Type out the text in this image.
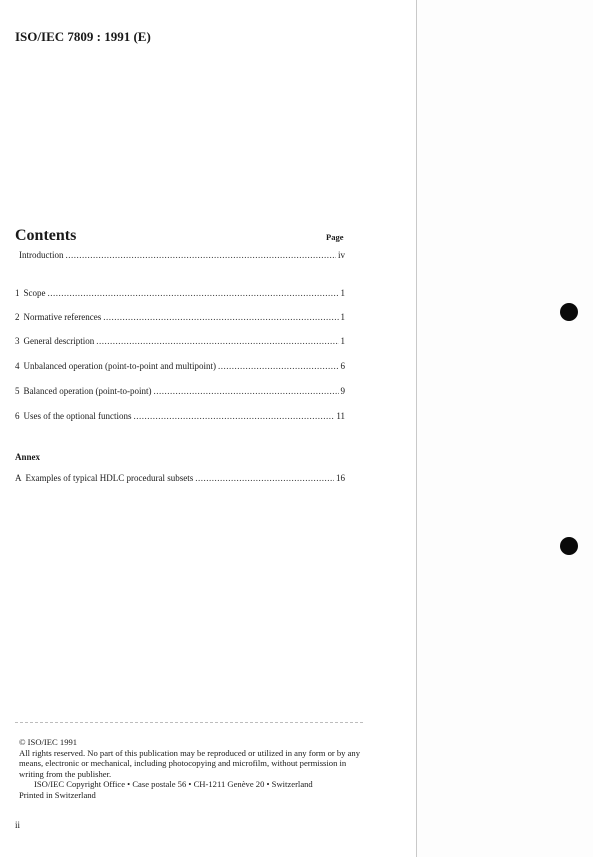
ISO/IEC 7809 : 1991 (E)
Contents	Page
Introduction .....	iv
1 Scope .....	1
2 Normative references .....	1
3 General description .....	1
4 Unbalanced operation (point-to-point and multipoint) .....	6
5 Balanced operation (point-to-point) .....	9
6 Uses of the optional functions .....	11
Annex
A Examples of typical HDLC procedural subsets .....	16

© ISO/IEC 1991

All rights reserved. No part of this publication may be reproduced or utilized in any form or by any means, electronic or mechanical, including photocopying and microfilm, without permission in writing from the publisher.

ISO/IEC Copyright Office • Case postale 56 • CH-1211 Genève 20 • Switzerland

Printed in Switzerland

ii
